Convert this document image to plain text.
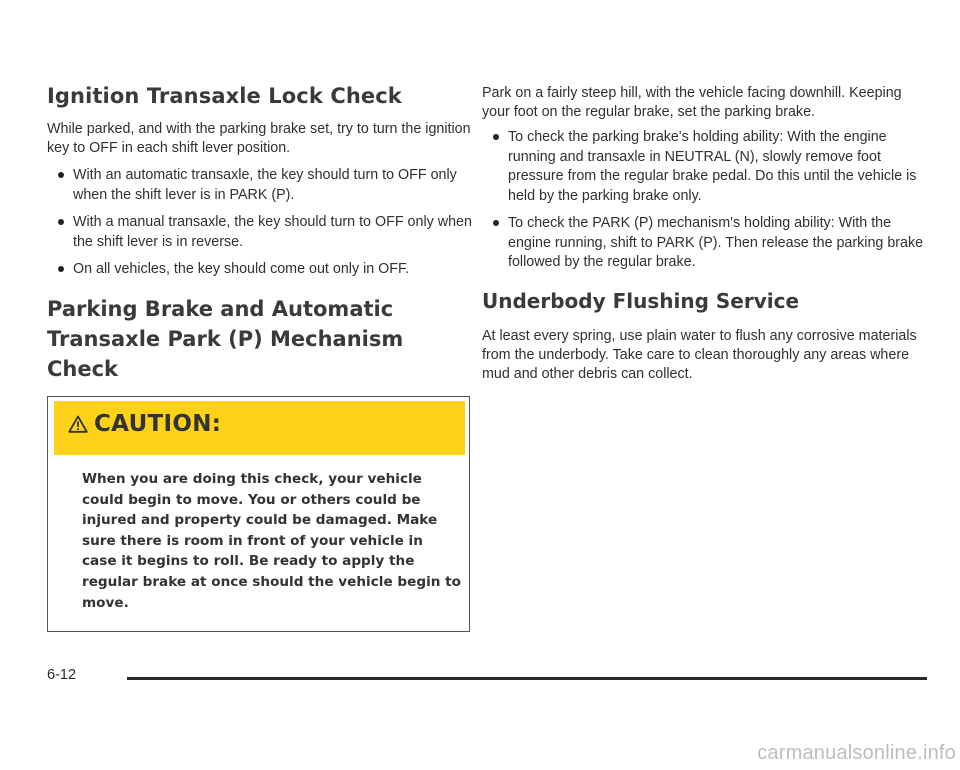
Ignition Transaxle Lock Check

While parked, and with the parking brake set, try to turn the ignition key to OFF in each shift lever position.

With an automatic transaxle, the key should turn to OFF only when the shift lever is in PARK (P).
With a manual transaxle, the key should turn to OFF only when the shift lever is in reverse.
On all vehicles, the key should come out only in OFF.
Parking Brake and Automatic Transaxle Park (P) Mechanism Check
CAUTION:
When you are doing this check, your vehicle could begin to move. You or others could be injured and property could be damaged. Make sure there is room in front of your vehicle in case it begins to roll. Be ready to apply the regular brake at once should the vehicle begin to move.

Park on a fairly steep hill, with the vehicle facing downhill. Keeping your foot on the regular brake, set the parking brake.

To check the parking brake's holding ability: With the engine running and transaxle in NEUTRAL (N), slowly remove foot pressure from the regular brake pedal. Do this until the vehicle is held by the parking brake only.
To check the PARK (P) mechanism's holding ability: With the engine running, shift to PARK (P). Then release the parking brake followed by the regular brake.
Underbody Flushing Service

At least every spring, use plain water to flush any corrosive materials from the underbody. Take care to clean thoroughly any areas where mud and other debris can collect.

6-12
carmanualsonline.info
